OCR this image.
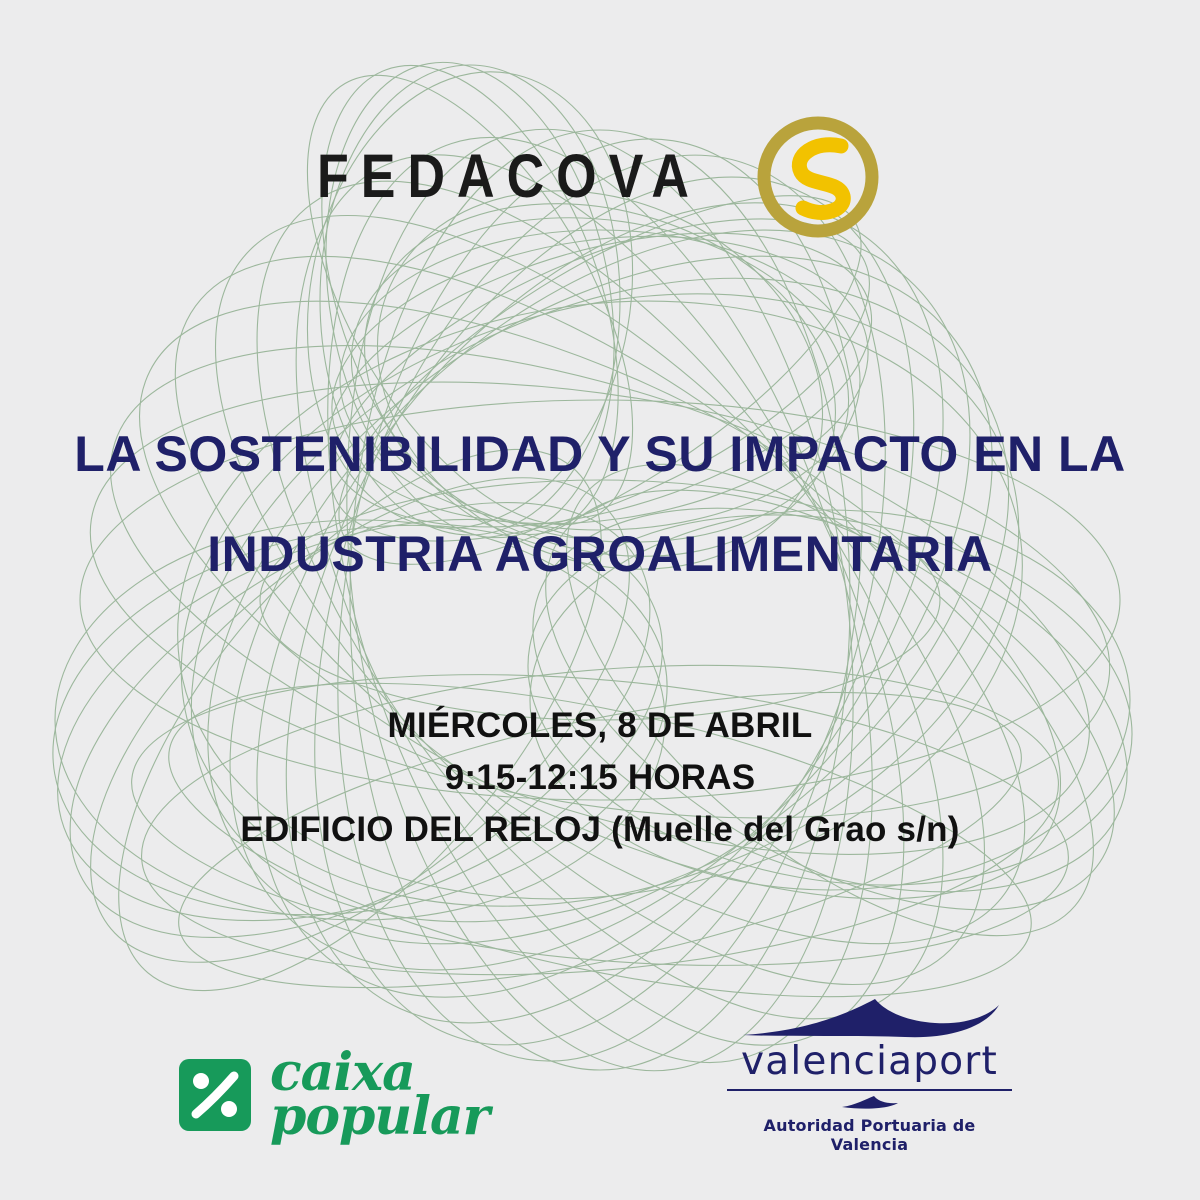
FEDACOVA
LA SOSTENIBILIDAD Y SU IMPACTO EN LA
INDUSTRIA AGROALIMENTARIA
MIÉRCOLES, 8 DE ABRIL
9:15-12:15 HORAS
EDIFICIO DEL RELOJ (Muelle del Grao s/n)
caixa
popular
valenciaport
Autoridad Portuaria de Valencia
